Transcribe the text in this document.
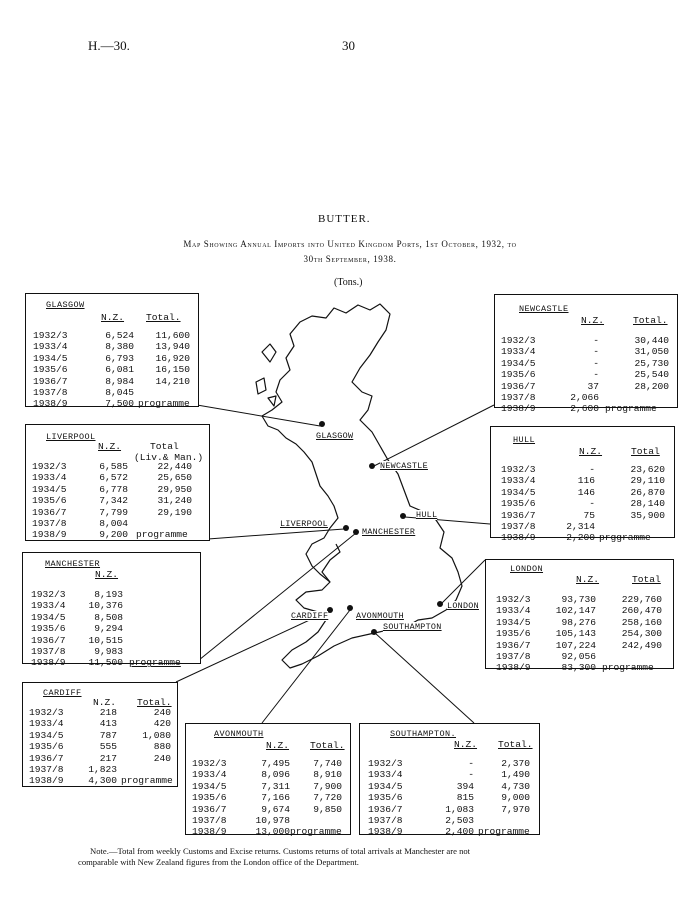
H.—30.	30
BUTTER.
Map Showing Annual Imports into United Kingdom Ports, 1st October, 1932, to
30th September, 1938.
(Tons.)
GLASGOW
NEWCASTLE
HULL
LIVERPOOL
MANCHESTER
LONDON
CARDIFF	AVONMOUTH
SOUTHAMPTON
GLASGOW
N.Z. Total.
1932/3	6,524	11,600
1933/4	8,380	13,940
1934/5	6,793	16,920
1935/6	6,081	16,150
1936/7	8,984	14,210
1937/8	8,045
1938/9	7,500 programme
NEWCASTLE
N.Z.	Total.
1932/3	-	30,440
1933/4	-	31,050
1934/5	-	25,730
1935/6	-	25,540
1936/7	37	28,200
1937/8	2,066
1938/9	2,600 programme
LIVERPOOL
N.Z.	Total
(Liv.& Man.)
1932/3	6,585	22,440
1933/4	6,572	25,650
1934/5	6,778	29,950
1935/6	7,342	31,240
1936/7	7,799	29,190
1937/8	8,004
1938/9	9,200 programme
HULL
N.Z.	Total
1932/3	-	23,620
1933/4	116	29,110
1934/5	146	26,870
1935/6	-	28,140
1936/7	75	35,900
1937/8	2,314
1938/9	2,200 prggramme
MANCHESTER
N.Z.
1932/3	8,193
1933/4	10,376
1934/5	8,508
1935/6	9,294
1936/7	10,515
1937/8	9,983
1938/9	11,500 programme
LONDON
N.Z.	Total
1932/3	93,730	229,760
1933/4	102,147	260,470
1934/5	98,276	258,160
1935/6	105,143	254,300
1936/7	107,224	242,490
1937/8	92,056
1938/9	83,300 programme
CARDIFF
N.Z. Total.
1932/3	218	240
1933/4	413	420
1934/5	787	1,080
1935/6	555	880
1936/7	217	240
1937/8	1,823
1938/9	4,300 programme
AVONMOUTH
N.Z. Total.
1932/3	7,495	7,740
1933/4	8,096	8,910
1934/5	7,311	7,900
1935/6	7,166	7,720
1936/7	9,674	9,850
1937/8	10,978
1938/9	13,000 programme
SOUTHAMPTON.
N.Z. Total.
1932/3	-	2,370
1933/4	-	1,490
1934/5	394	4,730
1935/6	815	9,000
1936/7	1,083	7,970
1937/8	2,503
1938/9	2,400 programme
Note.—Total from weekly Customs and Excise returns. Customs returns of total arrivals at Manchester are not
comparable with New Zealand figures from the London office of the Department.
